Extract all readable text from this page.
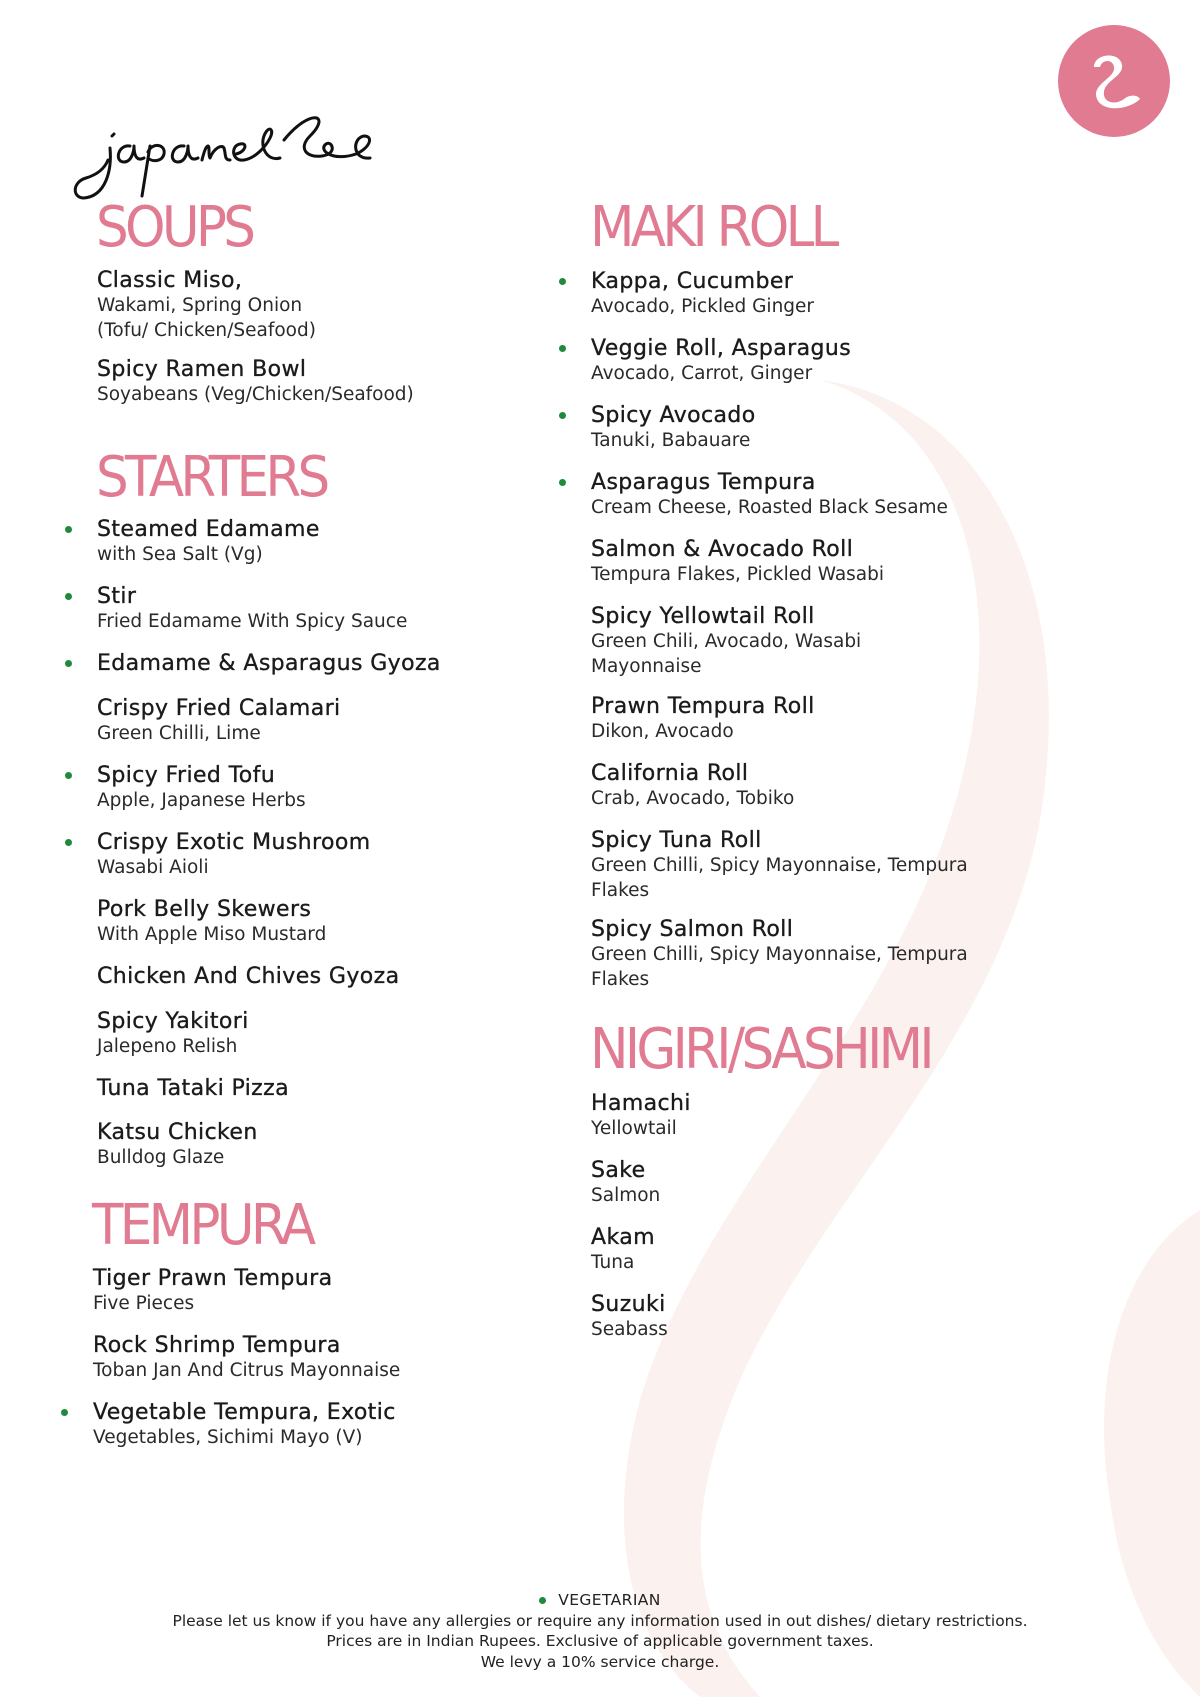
SOUPS
STARTERS
TEMPURA
MAKI ROLL
NIGIRI/SASHIMI
Classic Miso,
Wakami, Spring Onion
(Tofu/ Chicken/Seafood)
Spicy Ramen Bowl
Soyabeans (Veg/Chicken/Seafood)
Steamed Edamame
with Sea Salt (Vg)
Stir
Fried Edamame With Spicy Sauce
Edamame & Asparagus Gyoza
Crispy Fried Calamari
Green Chilli, Lime
Spicy Fried Tofu
Apple, Japanese Herbs
Crispy Exotic Mushroom
Wasabi Aioli
Pork Belly Skewers
With Apple Miso Mustard
Chicken And Chives Gyoza
Spicy Yakitori
Jalepeno Relish
Tuna Tataki Pizza
Katsu Chicken
Bulldog Glaze
Tiger Prawn Tempura
Five Pieces
Rock Shrimp Tempura
Toban Jan And Citrus Mayonnaise
Vegetable Tempura, Exotic
Vegetables, Sichimi Mayo (V)
Kappa, Cucumber
Avocado, Pickled Ginger
Veggie Roll, Asparagus
Avocado, Carrot, Ginger
Spicy Avocado
Tanuki, Babauare
Asparagus Tempura
Cream Cheese, Roasted Black Sesame
Salmon & Avocado Roll
Tempura Flakes, Pickled Wasabi
Spicy Yellowtail Roll
Green Chili, Avocado, Wasabi
Mayonnaise
Prawn Tempura Roll
Dikon, Avocado
California Roll
Crab, Avocado, Tobiko
Spicy Tuna Roll
Green Chilli, Spicy Mayonnaise, Tempura
Flakes
Spicy Salmon Roll
Green Chilli, Spicy Mayonnaise, Tempura
Flakes
Hamachi
Yellowtail
Sake
Salmon
Akam
Tuna
Suzuki
Seabass
VEGETARIAN
Please let us know if you have any allergies or require any information used in out dishes/ dietary restrictions.
Prices are in Indian Rupees. Exclusive of applicable government taxes.
We levy a 10% service charge.
